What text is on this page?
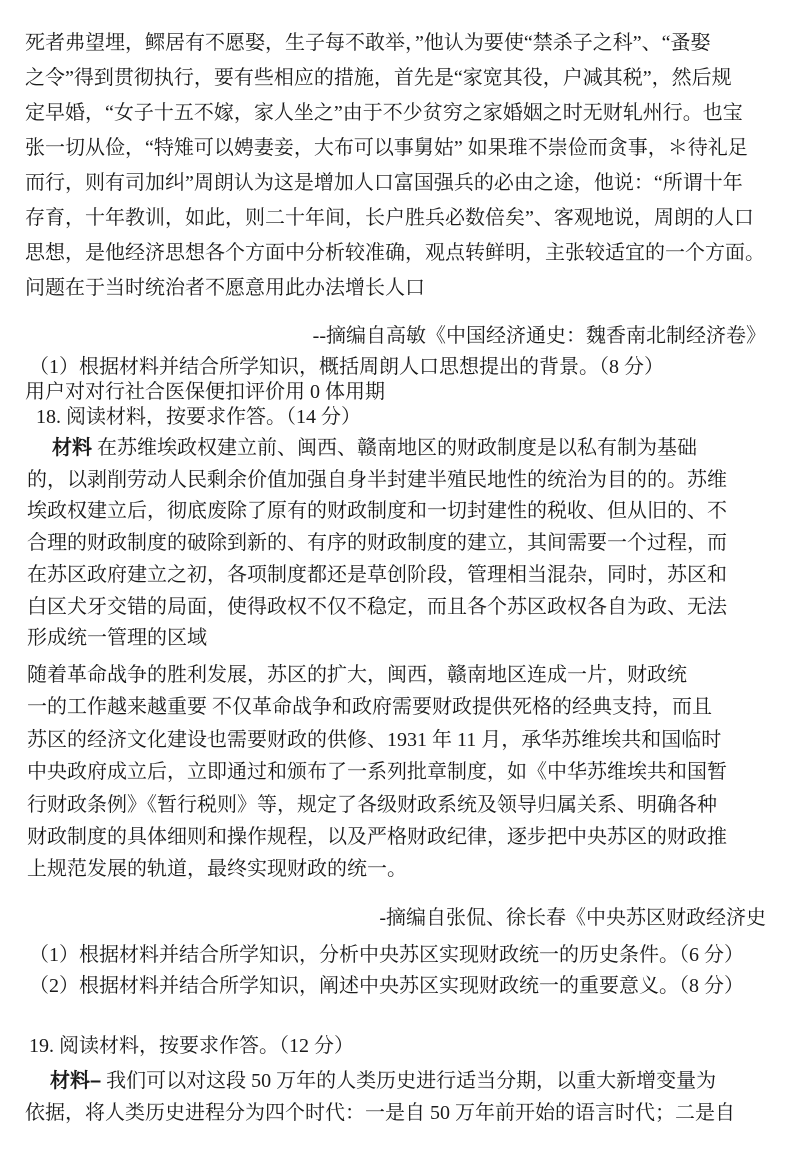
死者弗望埋，鳏居有不愿娶，生子每不敢举，”他认为要使“禁杀子之科”、“蚤娶
之令”得到贯彻执行，要有些相应的措施，首先是“家宽其役，户减其税”，然后规
定早婚，“女子十五不嫁，家人坐之”由于不少贫穷之家婚姻之时无财轧州行。也宝
张一切从俭，“特雉可以娉妻妾，大布可以事舅姑” 如果琟不崇俭而贪事，＊待礼足
而行，则有司加纠”周朗认为这是增加人口富国强兵的必由之途，他说：“所谓十年
存育，十年教训，如此，则二十年间，长户胜兵必数倍矣”、客观地说，周朗的人口
思想，是他经济思想各个方面中分析较准确，观点转鲜明，主张较适宜的一个方面。
问题在于当时统治者不愿意用此办法增长人口
--摘编自高敏《中国经济通史：魏香南北制经济卷》
（1）根据材料并结合所学知识，概括周朗人口思想提出的背景。（8 分）
用户对对行社合医保便扣评价用 0 体用期
18. 阅读材料，按要求作答。（14 分）
材料 在苏维埃政权建立前、闽西、赣南地区的财政制度是以私有制为基础
的，以剥削劳动人民剩余价值加强自身半封建半殖民地性的统治为目的的。苏维
埃政权建立后，彻底废除了原有的财政制度和一切封建性的税收、但从旧的、不
合理的财政制度的破除到新的、有序的财政制度的建立，其间需要一个过程，而
在苏区政府建立之初，各项制度都还是草创阶段，管理相当混杂，同时，苏区和
白区犬牙交错的局面，使得政权不仅不稳定，而且各个苏区政权各自为政、无法
形成统一管理的区域
随着革命战争的胜利发展，苏区的扩大，闽西，赣南地区连成一片，财政统
一的工作越来越重要 不仅革命战争和政府需要财政提供死格的经典支持，而且
苏区的经济文化建设也需要财政的供修、1931 年 11 月，承华苏维埃共和国临时
中央政府成立后，立即通过和颁布了一系列批章制度，如《中华苏维埃共和国暂
行财政条例》《暂行税则》等，规定了各级财政系统及领导归属关系、明确各种
财政制度的具体细则和操作规程，以及严格财政纪律，逐步把中央苏区的财政推
上规范发展的轨道，最终实现财政的统一。
-摘编自张侃、徐长春《中央苏区财政经济史
（1）根据材料并结合所学知识，分析中央苏区实现财政统一的历史条件。（6 分）
（2）根据材料并结合所学知识，阐述中央苏区实现财政统一的重要意义。（8 分）
19. 阅读材料，按要求作答。（12 分）
材料– 我们可以对这段 50 万年的人类历史进行适当分期，以重大新增变量为
依据，将人类历史进程分为四个时代：一是自 50 万年前开始的语言时代；二是自
